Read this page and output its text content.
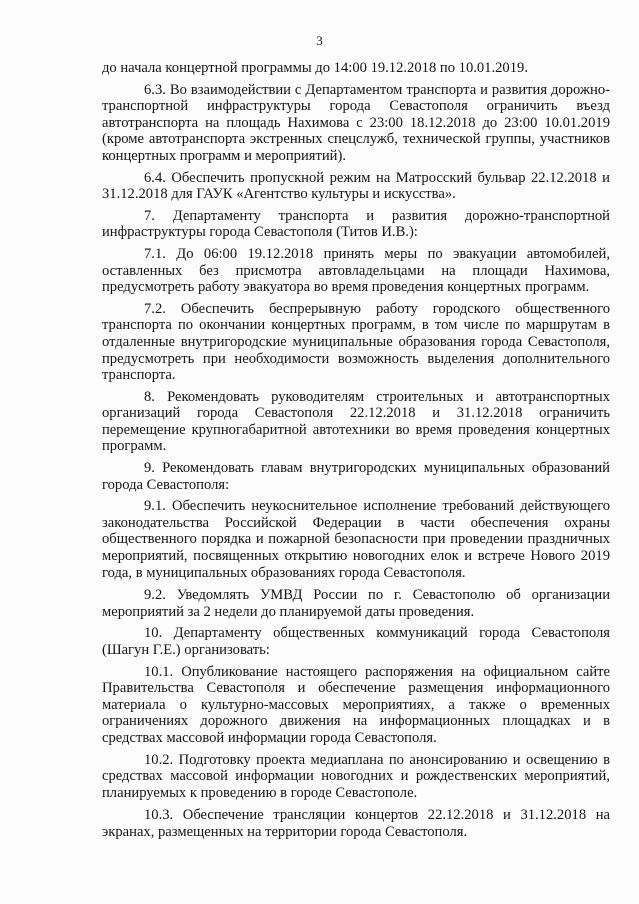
3

до начала концертной программы до 14:00 19.12.2018 по 10.01.2019.

6.3. Во взаимодействии с Департаментом транспорта и развития дорожно-транспортной инфраструктуры города Севастополя ограничить въезд автотранспорта на площадь Нахимова с 23:00 18.12.2018 до 23:00 10.01.2019 (кроме автотранспорта экстренных спецслужб, технической группы, участников концертных программ и мероприятий).

6.4. Обеспечить пропускной режим на Матросский бульвар 22.12.2018 и 31.12.2018 для ГАУК «Агентство культуры и искусства».

7. Департаменту транспорта и развития дорожно-транспортной инфраструктуры города Севастополя (Титов И.В.):

7.1. До 06:00 19.12.2018 принять меры по эвакуации автомобилей, оставленных без присмотра автовладельцами на площади Нахимова, предусмотреть работу эвакуатора во время проведения концертных программ.

7.2. Обеспечить беспрерывную работу городского общественного транспорта по окончании концертных программ, в том числе по маршрутам в отдаленные внутригородские муниципальные образования города Севастополя, предусмотреть при необходимости возможность выделения дополнительного транспорта.

8. Рекомендовать руководителям строительных и автотранспортных организаций города Севастополя 22.12.2018 и 31.12.2018 ограничить перемещение крупногабаритной автотехники во время проведения концертных программ.

9. Рекомендовать главам внутригородских муниципальных образований города Севастополя:

9.1. Обеспечить неукоснительное исполнение требований действующего законодательства Российской Федерации в части обеспечения охраны общественного порядка и пожарной безопасности при проведении праздничных мероприятий, посвященных открытию новогодних елок и встрече Нового 2019 года, в муниципальных образованиях города Севастополя.

9.2. Уведомлять УМВД России по г. Севастополю об организации мероприятий за 2 недели до планируемой даты проведения.

10. Департаменту общественных коммуникаций города Севастополя (Шагун Г.Е.) организовать:

10.1. Опубликование настоящего распоряжения на официальном сайте Правительства Севастополя и обеспечение размещения информационного материала о культурно-массовых мероприятиях, а также о временных ограничениях дорожного движения на информационных площадках и в средствах массовой информации города Севастополя.

10.2. Подготовку проекта медиаплана по анонсированию и освещению в средствах массовой информации новогодних и рождественских мероприятий, планируемых к проведению в городе Севастополе.

10.3. Обеспечение трансляции концертов 22.12.2018 и 31.12.2018 на экранах, размещенных на территории города Севастополя.
